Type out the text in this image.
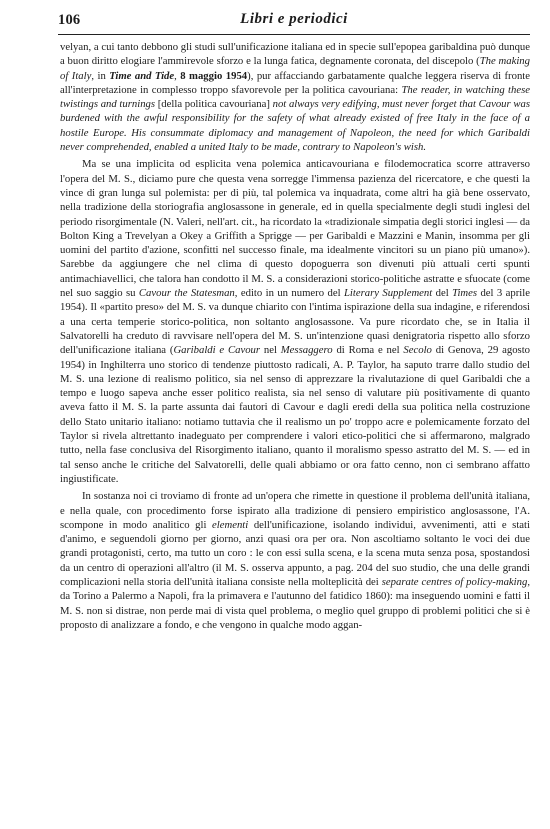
106	Libri e periodici

velyan, a cui tanto debbono gli studi sull'unificazione italiana ed in specie sull'epopea garibaldina può dunque a buon diritto elogiare l'ammirevole sforzo e la lunga fatica, degnamente coronata, del discepolo (The making of Italy, in Time and Tide, 8 maggio 1954), pur affacciando garbatamente qualche leggera riserva di fronte all'interpretazione in complesso troppo sfavorevole per la politica cavouriana: The reader, in watching these twistings and turnings [della politica cavouriana] not always very edifying, must never forget that Cavour was burdened with the awful responsibility for the safety of what already existed of free Italy in the face of a hostile Europe. His consummate diplomacy and management of Napoleon, the need for which Garibaldi never comprehended, enabled a united Italy to be made, contrary to Napoleon's wish.

Ma se una implicita od esplicita vena polemica anticavouriana e filodemocratica scorre attraverso l'opera del M. S., diciamo pure che questa vena sorregge l'immensa pazienza del ricercatore, e che questi la vince di gran lunga sul polemista: per di più, tal polemica va inquadrata, come altri ha già bene osservato, nella tradizione della storiografia anglosassone in generale, ed in quella specialmente degli studi inglesi del periodo risorgimentale (N. Valeri, nell'art. cit., ha ricordato la «tradizionale simpatia degli storici inglesi — da Bolton King a Trevelyan a Okey a Griffith a Sprigge — per Garibaldi e Mazzini e Manin, insomma per gli uomini del partito d'azione, sconfitti nel successo finale, ma idealmente vincitori su un piano più umano»). Sarebbe da aggiungere che nel clima di questo dopoguerra son divenuti più attuali certi spunti antimachiavellici, che talora han condotto il M. S. a considerazioni storico-politiche astratte e sfuocate (come nel suo saggio su Cavour the Statesman, edito in un numero del Literary Supplement del Times del 3 aprile 1954). Il «partito preso» del M. S. va dunque chiarito con l'intima ispirazione della sua indagine, e riferendosi a una certa temperie storico-politica, non soltanto anglosassone. Va pure ricordato che, se in Italia il Salvatorelli ha creduto di ravvisare nell'opera del M. S. un'intenzione quasi denigratoria rispetto allo sforzo dell'unificazione italiana (Garibaldi e Cavour nel Messaggero di Roma e nel Secolo di Genova, 29 agosto 1954) in Inghilterra uno storico di tendenze piuttosto radicali, A. P. Taylor, ha saputo trarre dallo studio del M. S. una lezione di realismo politico, sia nel senso di apprezzare la rivalutazione di quel Garibaldi che a tempo e luogo sapeva anche esser politico realista, sia nel senso di valutare più positivamente di quanto aveva fatto il M. S. la parte assunta dai fautori di Cavour e dagli eredi della sua politica nella costruzione dello Stato unitario italiano: notiamo tuttavia che il realismo un po' troppo acre e polemicamente forzato del Taylor si rivela altrettanto inadeguato per comprendere i valori etico-politici che si affermarono, malgrado tutto, nella fase conclusiva del Risorgimento italiano, quanto il moralismo spesso astratto del M. S. — ed in tal senso anche le critiche del Salvatorelli, delle quali abbiamo or ora fatto cenno, non ci sembrano affatto ingiustificate.

In sostanza noi ci troviamo di fronte ad un'opera che rimette in questione il problema dell'unità italiana, e nella quale, con procedimento forse ispirato alla tradizione di pensiero empiristico anglosassone, l'A. scompone in modo analitico gli elementi dell'unificazione, isolando individui, avvenimenti, atti e stati d'animo, e seguendoli giorno per giorno, anzi quasi ora per ora. Non ascoltiamo soltanto le voci dei due grandi protagonisti, certo, ma tutto un coro : le con essi sulla scena, e la scena muta senza posa, spostandosi da un centro di operazioni all'altro (il M. S. osserva appunto, a pag. 204 del suo studio, che una delle grandi complicazioni nella storia dell'unità italiana consiste nella molteplicità dei separate centres of policy-making, da Torino a Palermo a Napoli, fra la primavera e l'autunno del fatidico 1860): ma inseguendo uomini e fatti il M. S. non si distrae, non perde mai di vista quel problema, o meglio quel gruppo di problemi politici che si è proposto di analizzare a fondo, e che vengono in qualche modo aggan-
